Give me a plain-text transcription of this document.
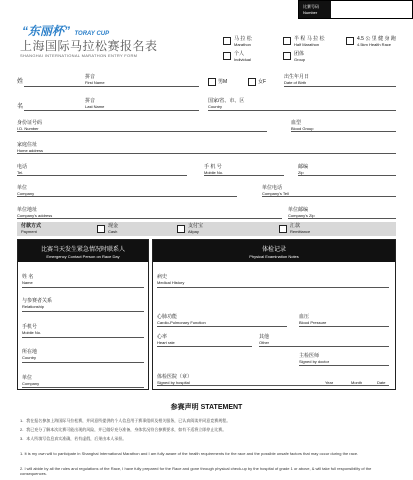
比赛号码
Number
“东丽杯” TORAY CUP
上海国际马拉松赛报名表
SHANGHAI INTERNATIONAL MARATHON ENTRY FORM
马 拉 松
Marathon
半 程 马 拉 松
Half Marathon
4.5 公 里 健 身 跑
4.5km Health Race
个人
Individual
团体
Group
姓
拼音
First Name	男M	女F
出生年月日
Date of Birth
名
拼音
Last Name
国家/省、市、区
Country
身份证号码
I.D. Number
血型
Blood Group
家庭住址
Home address
电话
Tel.
手 机 号
Mobile No.
邮编
Zip
单位
Company
单位电话
Company's Tell
单位地址
Company's address
单位邮编
Company's Zip
付款方式
Payment
现金
Cash
支付宝
Alipay
汇款
Remittance
比赛当天发生紧急情况时联系人
Emergency Contact Person on Race Day
姓 名
Name
与参赛者关系
Relationship
手机号
Mobile No.
所在地
Country
单位
Company
体检记录
Physical Examination Notes
病史
Medical History
心肺功能
Cardio-Pulmonary Function
血压
Blood Pressure
心率
Heart rate
其他
Other
主检医师
Signed by doctor
体检医院（章）
Signed by hospital	Year	Month	Date
参赛声明 STATEMENT
1．我在报名参加上海国际马拉松赛，并同意所提供的个人信息用于赛事组织及相关服务，已认真阅读并同意竞赛规程。
2．我已充分了解本次比赛可能出现的风险，并已做好充分准备，身体状况符合参赛要求，如有不适将立即停止比赛。
3．本人所填写信息真实准确，若有虚假，后果由本人承担。
1. It is my own will to participate in Shanghai International Marathon and I am fully aware of the health requirements for the race and the possible unsafe factors that may occur during the race.
2. I will abide by all the rules and regulations of the Race, I have fully prepared for the Race and gone through physical check-up by the hospital of grade 1 or above, & will take full responsibility of the consequences.
